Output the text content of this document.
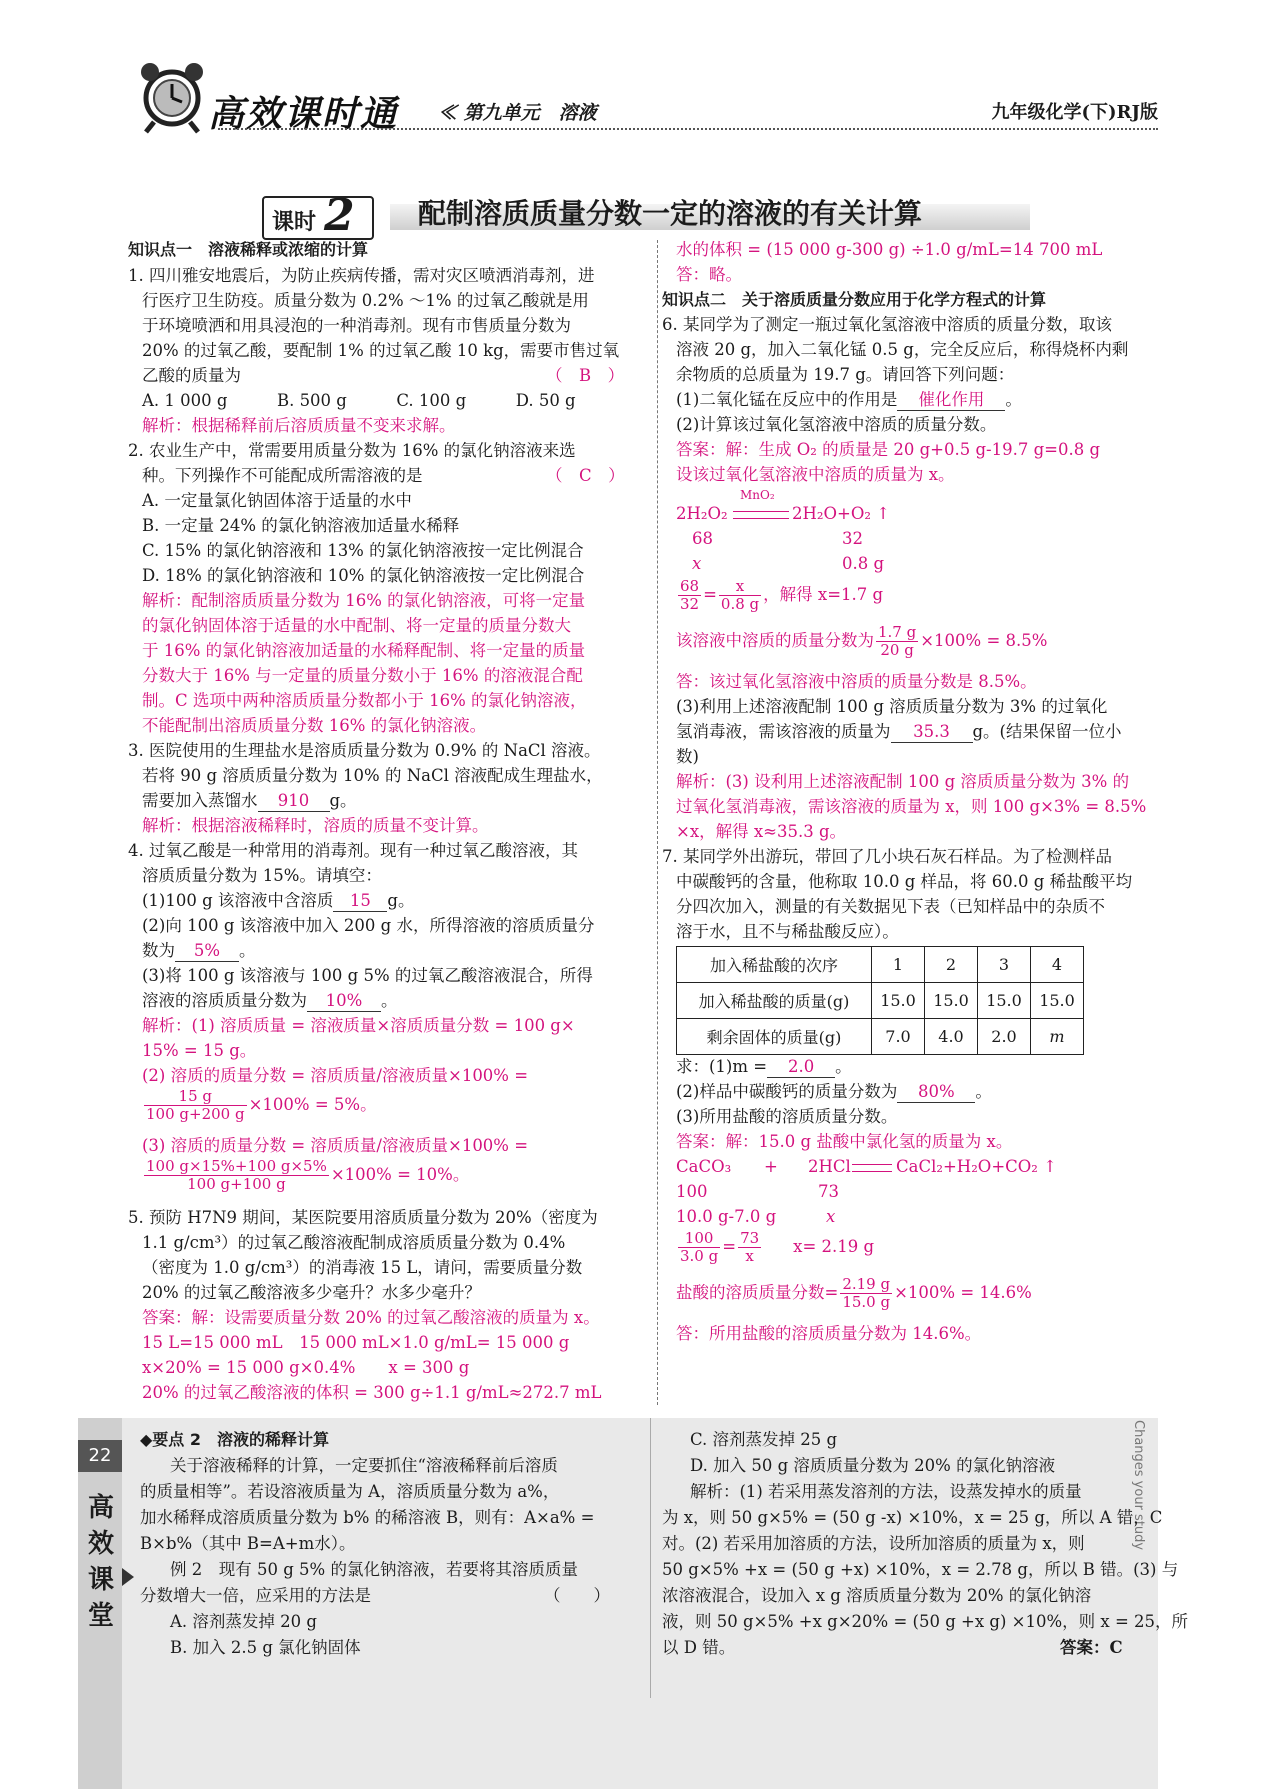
高效课时通 ≪ 第九单元　溶液	九年级化学(下)RJ版
课时 2 配制溶质质量分数一定的溶液的有关计算
知识点一　溶液稀释或浓缩的计算
1. 四川雅安地震后，为防止疾病传播，需对灾区喷洒消毒剂，进
行医疗卫生防疫。质量分数为 0.2% ～1% 的过氧乙酸就是用
于环境喷洒和用具浸泡的一种消毒剂。现有市售质量分数为
20% 的过氧乙酸，要配制 1% 的过氧乙酸 10 kg，需要市售过氧
乙酸的质量为	（　B　）
A. 1 000 g　　　B. 500 g　　　C. 100 g　　　D. 50 g
解析：根据稀释前后溶质质量不变来求解。
2. 农业生产中，常需要用质量分数为 16% 的氯化钠溶液来选
种。下列操作不可能配成所需溶液的是	（　C　）
A. 一定量氯化钠固体溶于适量的水中
B. 一定量 24% 的氯化钠溶液加适量水稀释
C. 15% 的氯化钠溶液和 13% 的氯化钠溶液按一定比例混合
D. 18% 的氯化钠溶液和 10% 的氯化钠溶液按一定比例混合
解析：配制溶质质量分数为 16% 的氯化钠溶液，可将一定量
的氯化钠固体溶于适量的水中配制、将一定量的质量分数大
于 16% 的氯化钠溶液加适量的水稀释配制、将一定量的质量
分数大于 16% 与一定量的质量分数小于 16% 的溶液混合配
制。C 选项中两种溶质质量分数都小于 16% 的氯化钠溶液，
不能配制出溶质质量分数 16% 的氯化钠溶液。
3. 医院使用的生理盐水是溶质质量分数为 0.9% 的 NaCl 溶液。
若将 90 g 溶质质量分数为 10% 的 NaCl 溶液配成生理盐水，
需要加入蒸馏水 910 g。
解析：根据溶液稀释时，溶质的质量不变计算。
4. 过氧乙酸是一种常用的消毒剂。现有一种过氧乙酸溶液，其
溶质质量分数为 15%。请填空：
(1)100 g 该溶液中含溶质 15 g。
(2)向 100 g 该溶液中加入 200 g 水，所得溶液的溶质质量分
数为 5% 。
(3)将 100 g 该溶液与 100 g 5% 的过氧乙酸溶液混合，所得
溶液的溶质质量分数为 10% 。
解析：(1) 溶质质量 = 溶液质量×溶质质量分数 = 100 g×
15% = 15 g。
(2) 溶质的质量分数 = 溶质质量/溶液质量×100% =
$\frac{15 g}{100 g+200 g} \times 100\% = 5\%$。
(3) 溶质的质量分数 = 溶质质量/溶液质量×100% =
$\frac{100 g\times 15\%+100 g\times 5\%}{100 g+100 g} \times 100\% = 10\%$。
5. 预防 H7N9 期间，某医院要用溶质质量分数为 20%（密度为
1.1 g/cm³）的过氧乙酸溶液配制成溶质质量分数为 0.4%
（密度为 1.0 g/cm³）的消毒液 15 L，请问，需要质量分数
20% 的过氧乙酸溶液多少毫升？水多少毫升？
答案：解：设需要质量分数 20% 的过氧乙酸溶液的质量为 x。
15 L=15 000 mL　15 000 mL×1.0 g/mL= 15 000 g
x×20% = 15 000 g×0.4%　　x = 300 g
20% 的过氧乙酸溶液的体积 = 300 g÷1.1 g/mL≈272.7 mL
水的体积 = (15 000 g-300 g) ÷1.0 g/mL=14 700 mL
答：略。
知识点二　关于溶质质量分数应用于化学方程式的计算
6. 某同学为了测定一瓶过氧化氢溶液中溶质的质量分数，取该
溶液 20 g，加入二氧化锰 0.5 g，完全反应后，称得烧杯内剩
余物质的总质量为 19.7 g。请回答下列问题：
(1)二氧化锰在反应中的作用是 催化作用 。
(2)计算该过氧化氢溶液中溶质的质量分数。
答案：解：生成 O₂ 的质量是 20 g+0.5 g-19.7 g=0.8 g
设该过氧化氢溶液中溶质的质量为 x。
MnO₂
2H₂O₂	2H₂O+O₂ ↑
68	32
x	0.8 g
$\frac{68}{32} = \frac{x}{0.8 g}$ ，解得 x=1.7 g
该溶液中溶质的质量分数为 $\frac{1.7 g}{20 g} \times 100\% = 8.5\%$
答：该过氧化氢溶液中溶质的质量分数是 8.5%。
(3)利用上述溶液配制 100 g 溶质质量分数为 3% 的过氧化
氢消毒液，需该溶液的质量为 35.3 g。(结果保留一位小
数)
解析：(3) 设利用上述溶液配制 100 g 溶质质量分数为 3% 的
过氧化氢消毒液，需该溶液的质量为 x，则 100 g×3% = 8.5%
×x，解得 x≈35.3 g。
7. 某同学外出游玩，带回了几小块石灰石样品。为了检测样品
中碳酸钙的含量，他称取 10.0 g 样品，将 60.0 g 稀盐酸平均
分四次加入，测量的有关数据见下表（已知样品中的杂质不
溶于水，且不与稀盐酸反应）。
加入稀盐酸的次序	1	2	3	4
加入稀盐酸的质量(g)	15.0	15.0	15.0	15.0
剩余固体的质量(g)	7.0	4.0	2.0	m
求：(1)m = 2.0 。
(2)样品中碳酸钙的质量分数为 80% 。
(3)所用盐酸的溶质质量分数。
答案：解：15.0 g 盐酸中氯化氢的质量为 x。
CaCO₃ + 2HCl	CaCl₂+H₂O+CO₂ ↑
100	73
10.0 g-7.0 g	x
$\frac{100}{3.0 g} = \frac{73}{x} x= 2.19$ g
盐酸的溶质质量分数= $\frac{2.19 g}{15.0 g} \times 100\% = 14.6\%$
答：所用盐酸的溶质质量分数为 14.6%。
22
高
效
课
堂
Changes your study
◆要点 2　溶液的稀释计算
关于溶液稀释的计算，一定要抓住“溶液稀释前后溶质
的质量相等”。若设溶液质量为 A，溶质质量分数为 a%，
加水稀释成溶质质量分数为 b% 的稀溶液 B，则有：A×a% =
B×b%（其中 B=A+m水）。
例 2　现有 50 g 5% 的氯化钠溶液，若要将其溶质质量
分数增大一倍，应采用的方法是	（　　）
A. 溶剂蒸发掉 20 g
B. 加入 2.5 g 氯化钠固体
C. 溶剂蒸发掉 25 g
D. 加入 50 g 溶质质量分数为 20% 的氯化钠溶液
解析：(1) 若采用蒸发溶剂的方法，设蒸发掉水的质量
为 x，则 50 g×5% = (50 g -x) ×10%，x = 25 g，所以 A 错，C
对。(2) 若采用加溶质的方法，设所加溶质的质量为 x，则
50 g×5% +x = (50 g +x) ×10%，x = 2.78 g，所以 B 错。(3) 与
浓溶液混合，设加入 x g 溶质质量分数为 20% 的氯化钠溶
液，则 50 g×5% +x g×20% = (50 g +x g) ×10%，则 x = 25，所
以 D 错。	答案：C
